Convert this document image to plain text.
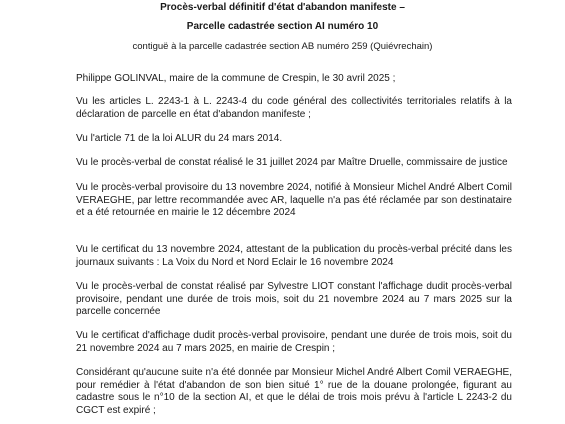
Procès-verbal définitif d'état d'abandon manifeste –
Parcelle cadastrée section AI numéro 10
contiguë à la parcelle cadastrée section AB numéro 259 (Quiévrechain)
Philippe GOLINVAL, maire de la commune de Crespin, le 30 avril 2025 ;
Vu les articles L. 2243-1 à L. 2243-4 du code général des collectivités territoriales relatifs à la déclaration de parcelle en état d'abandon manifeste ;
Vu l'article 71 de la loi ALUR du 24 mars 2014.
Vu le procès-verbal de constat réalisé le 31 juillet 2024 par Maître Druelle, commissaire de justice
Vu le procès-verbal provisoire du 13 novembre 2024, notifié à Monsieur Michel André Albert Comil VERAEGHE, par lettre recommandée avec AR, laquelle n'a pas été réclamée par son destinataire et a été retournée en mairie le 12 décembre 2024
Vu le certificat du 13 novembre 2024, attestant de la publication du procès-verbal précité dans les journaux suivants : La Voix du Nord et Nord Eclair le 16 novembre 2024
Vu le procès-verbal de constat réalisé par Sylvestre LIOT constant l'affichage dudit procès-verbal provisoire, pendant une durée de trois mois, soit du 21 novembre 2024 au 7 mars 2025 sur la parcelle concernée
Vu le certificat d'affichage dudit procès-verbal provisoire, pendant une durée de trois mois, soit du 21 novembre 2024 au 7 mars 2025, en mairie de Crespin ;
Considérant qu'aucune suite n'a été donnée par Monsieur Michel André Albert Comil VERAEGHE, pour remédier à l'état d'abandon de son bien situé 1° rue de la douane prolongée, figurant au cadastre sous le n°10 de la section AI, et que le délai de trois mois prévu à l'article L 2243-2 du CGCT est expiré ;
